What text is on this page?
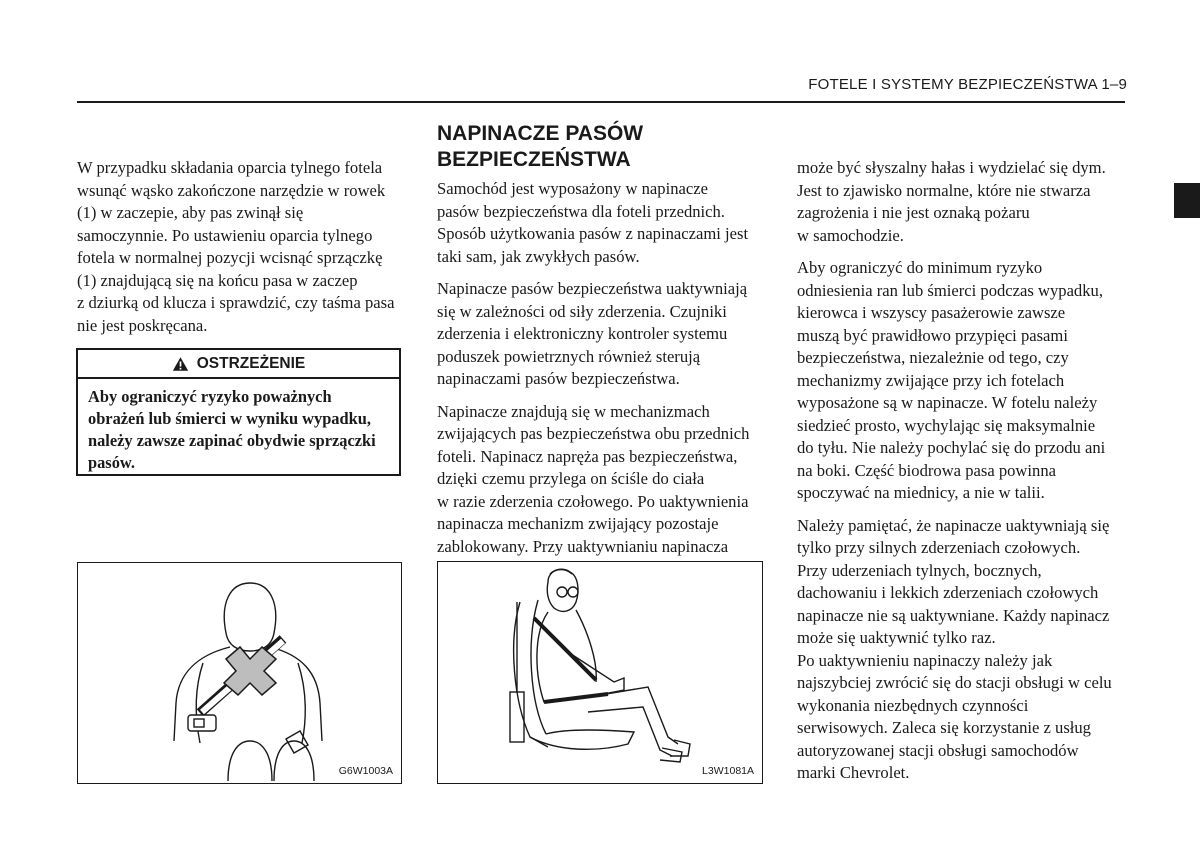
FOTELE I SYSTEMY BEZPIECZEŃSTWA 1–9

W przypadku składania oparcia tylnego fotela
wsunąć wąsko zakończone narzędzie w rowek
(1) w zaczepie, aby pas zwinął się
samoczynnie. Po ustawieniu oparcia tylnego
fotela w normalnej pozycji wcisnąć sprzączkę
(1) znajdującą się na końcu pasa w zaczep
z dziurką od klucza i sprawdzić, czy taśma pasa
nie jest poskręcana.

OSTRZEŻENIE
Aby ograniczyć ryzyko poważnych
obrażeń lub śmierci w wyniku wypadku,
należy zawsze zapinać obydwie sprzączki
pasów.
G6W1003A
NAPINACZE PASÓW
BEZPIECZEŃSTWA

Samochód jest wyposażony w napinacze
pasów bezpieczeństwa dla foteli przednich.
Sposób użytkowania pasów z napinaczami jest
taki sam, jak zwykłych pasów.

Napinacze pasów bezpieczeństwa uaktywniają
się w zależności od siły zderzenia. Czujniki
zderzenia i elektroniczny kontroler systemu
poduszek powietrznych również sterują
napinaczami pasów bezpieczeństwa.

Napinacze znajdują się w mechanizmach
zwijających pas bezpieczeństwa obu przednich
foteli. Napinacz napręża pas bezpieczeństwa,
dzięki czemu przylega on ściśle do ciała
w razie zderzenia czołowego. Po uaktywnienia
napinacza mechanizm zwijający pozostaje
zablokowany. Przy uaktywnianiu napinacza

L3W1081A

może być słyszalny hałas i wydzielać się dym.
Jest to zjawisko normalne, które nie stwarza
zagrożenia i nie jest oznaką pożaru
w samochodzie.

Aby ograniczyć do minimum ryzyko
odniesienia ran lub śmierci podczas wypadku,
kierowca i wszyscy pasażerowie zawsze
muszą być prawidłowo przypięci pasami
bezpieczeństwa, niezależnie od tego, czy
mechanizmy zwijające przy ich fotelach
wyposażone są w napinacze. W fotelu należy
siedzieć prosto, wychylając się maksymalnie
do tyłu. Nie należy pochylać się do przodu ani
na boki. Część biodrowa pasa powinna
spoczywać na miednicy, a nie w talii.

Należy pamiętać, że napinacze uaktywniają się
tylko przy silnych zderzeniach czołowych.
Przy uderzeniach tylnych, bocznych,
dachowaniu i lekkich zderzeniach czołowych
napinacze nie są uaktywniane. Każdy napinacz
może się uaktywnić tylko raz.
Po uaktywnieniu napinaczy należy jak
najszybciej zwrócić się do stacji obsługi w celu
wykonania niezbędnych czynności
serwisowych. Zaleca się korzystanie z usług
autoryzowanej stacji obsługi samochodów
marki Chevrolet.
